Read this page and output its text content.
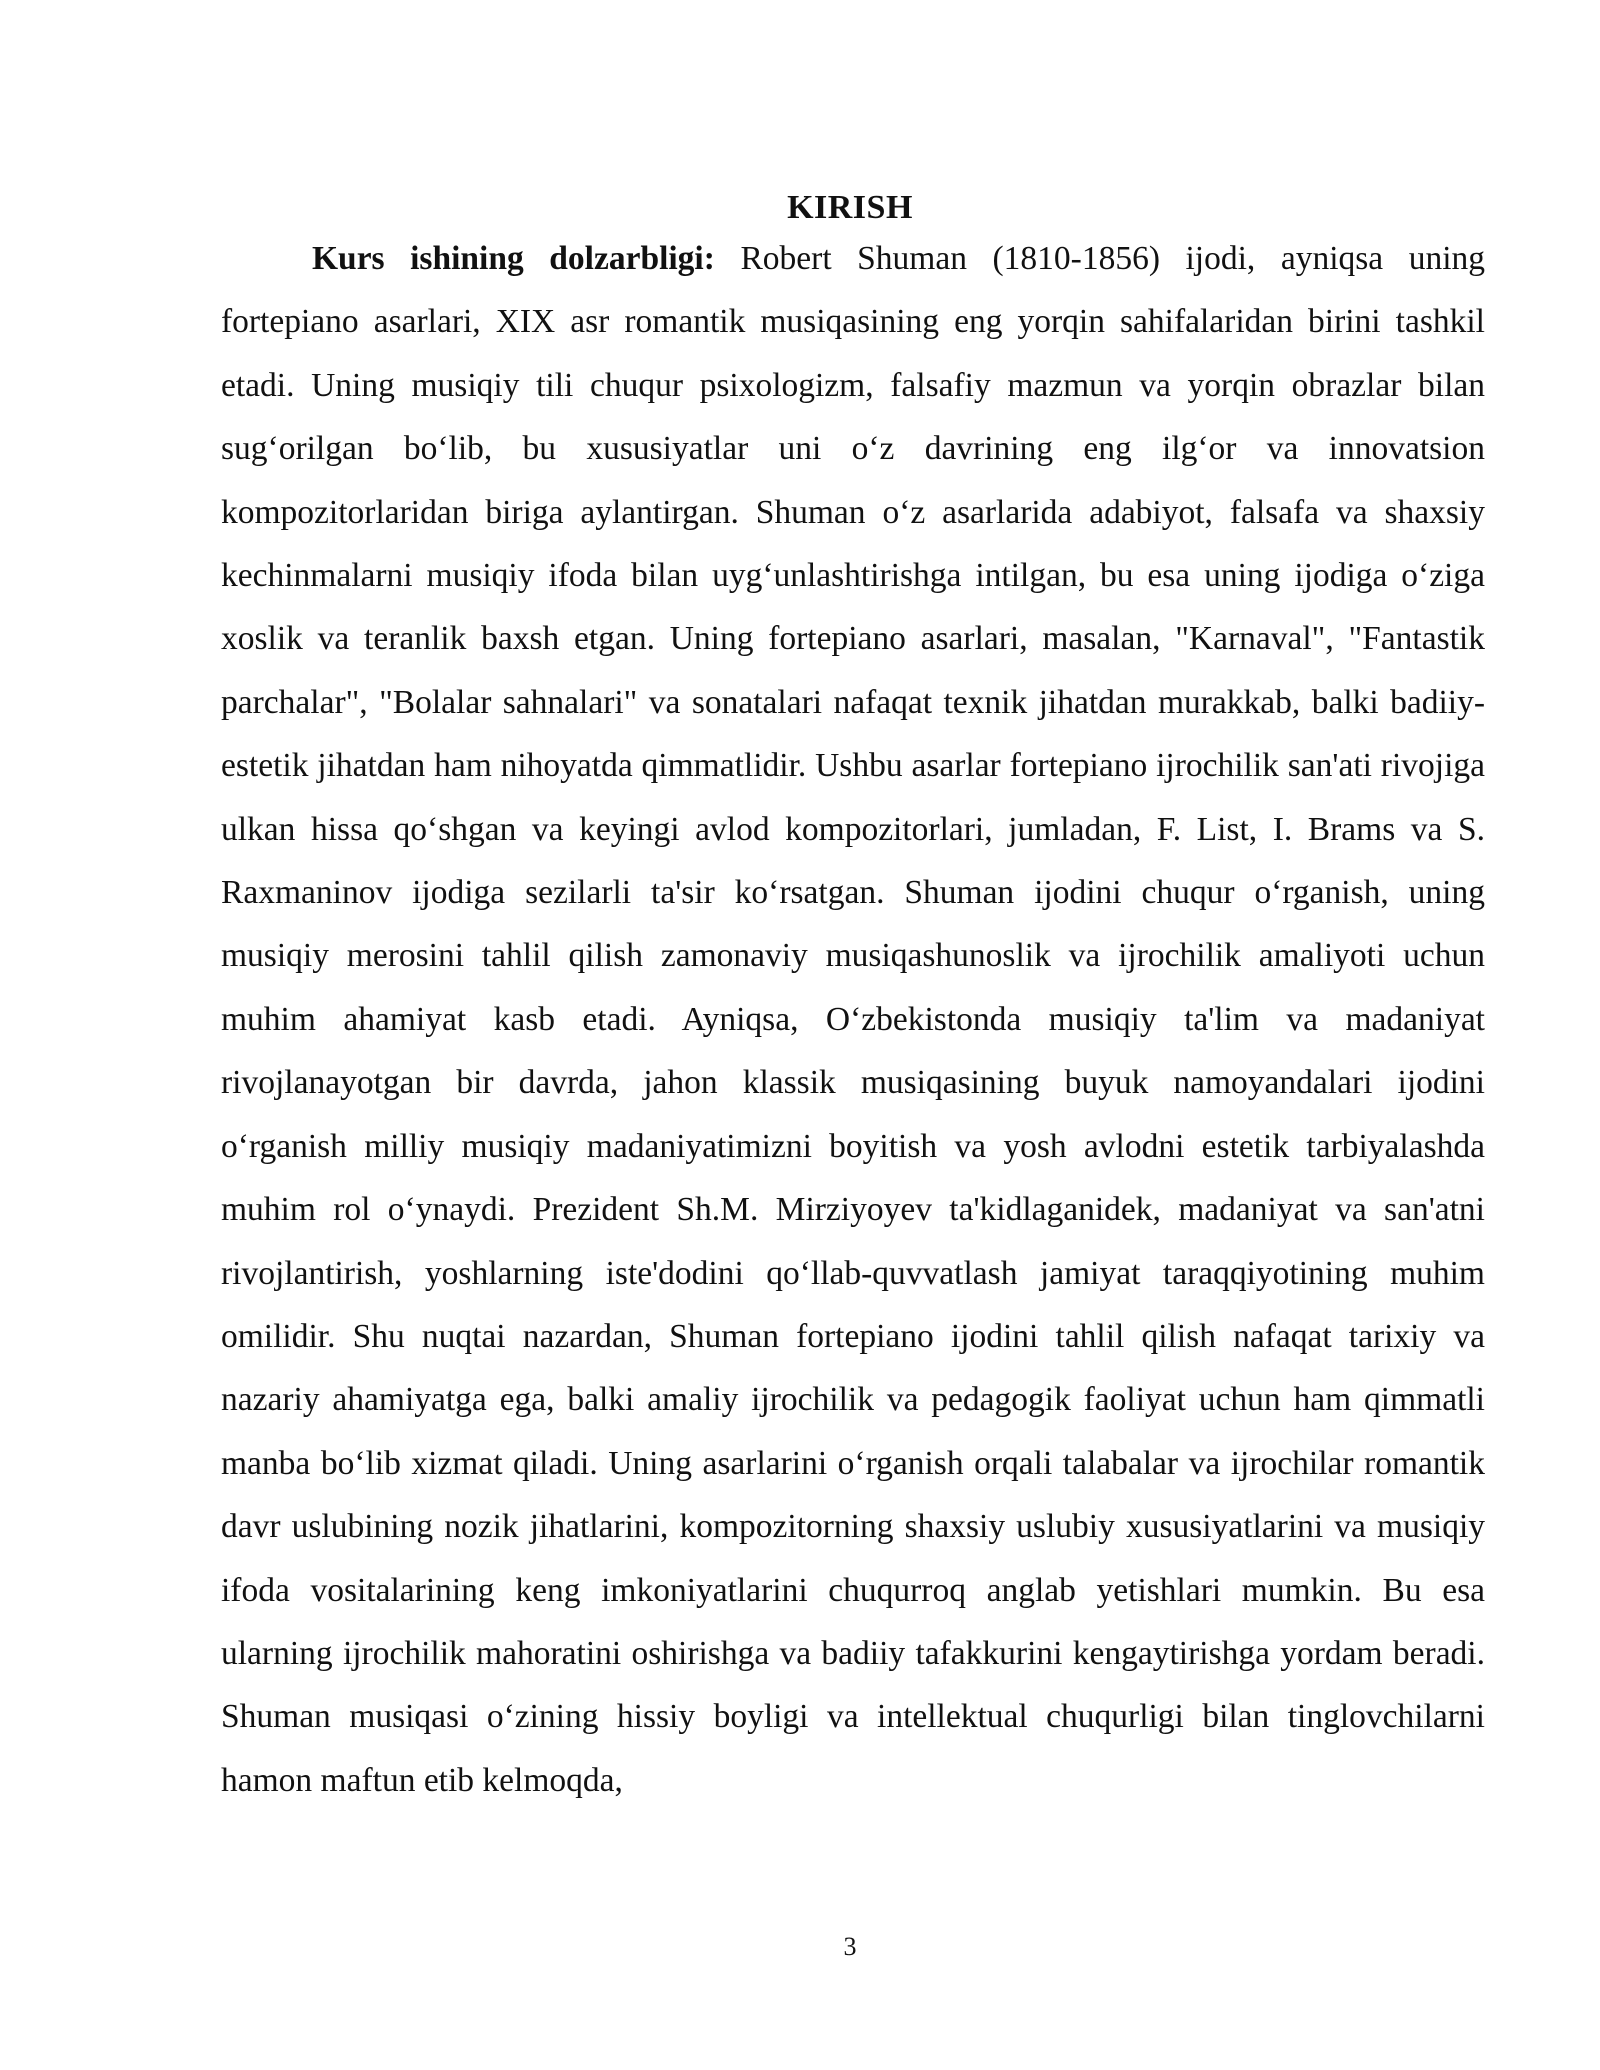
KIRISH

Kurs ishining dolzarbligi: Robert Shuman (1810-1856) ijodi, ayniqsa uning fortepiano asarlari, XIX asr romantik musiqasining eng yorqin sahifalaridan birini tashkil etadi. Uning musiqiy tili chuqur psixologizm, falsafiy mazmun va yorqin obrazlar bilan sug‘orilgan bo‘lib, bu xususiyatlar uni o‘z davrining eng ilg‘or va innovatsion kompozitorlaridan biriga aylantirgan. Shuman o‘z asarlarida adabiyot, falsafa va shaxsiy kechinmalarni musiqiy ifoda bilan uyg‘unlashtirishga intilgan, bu esa uning ijodiga o‘ziga xoslik va teranlik baxsh etgan. Uning fortepiano asarlari, masalan, "Karnaval", "Fantastik parchalar", "Bolalar sahnalari" va sonatalari nafaqat texnik jihatdan murakkab, balki badiiy-estetik jihatdan ham nihoyatda qimmatlidir. Ushbu asarlar fortepiano ijrochilik san'ati rivojiga ulkan hissa qo‘shgan va keyingi avlod kompozitorlari, jumladan, F. List, I. Brams va S. Raxmaninov ijodiga sezilarli ta'sir ko‘rsatgan. Shuman ijodini chuqur o‘rganish, uning musiqiy merosini tahlil qilish zamonaviy musiqashunoslik va ijrochilik amaliyoti uchun muhim ahamiyat kasb etadi. Ayniqsa, O‘zbekistonda musiqiy ta'lim va madaniyat rivojlanayotgan bir davrda, jahon klassik musiqasining buyuk namoyandalari ijodini o‘rganish milliy musiqiy madaniyatimizni boyitish va yosh avlodni estetik tarbiyalashda muhim rol o‘ynaydi. Prezident Sh.M. Mirziyoyev ta'kidlaganidek, madaniyat va san'atni rivojlantirish, yoshlarning iste'dodini qo‘llab-quvvatlash jamiyat taraqqiyotining muhim omilidir. Shu nuqtai nazardan, Shuman fortepiano ijodini tahlil qilish nafaqat tarixiy va nazariy ahamiyatga ega, balki amaliy ijrochilik va pedagogik faoliyat uchun ham qimmatli manba bo‘lib xizmat qiladi. Uning asarlarini o‘rganish orqali talabalar va ijrochilar romantik davr uslubining nozik jihatlarini, kompozitorning shaxsiy uslubiy xususiyatlarini va musiqiy ifoda vositalarining keng imkoniyatlarini chuqurroq anglab yetishlari mumkin. Bu esa ularning ijrochilik mahoratini oshirishga va badiiy tafakkurini kengaytirishga yordam beradi. Shuman musiqasi o‘zining hissiy boyligi va intellektual chuqurligi bilan tinglovchilarni hamon maftun etib kelmoqda,

3
